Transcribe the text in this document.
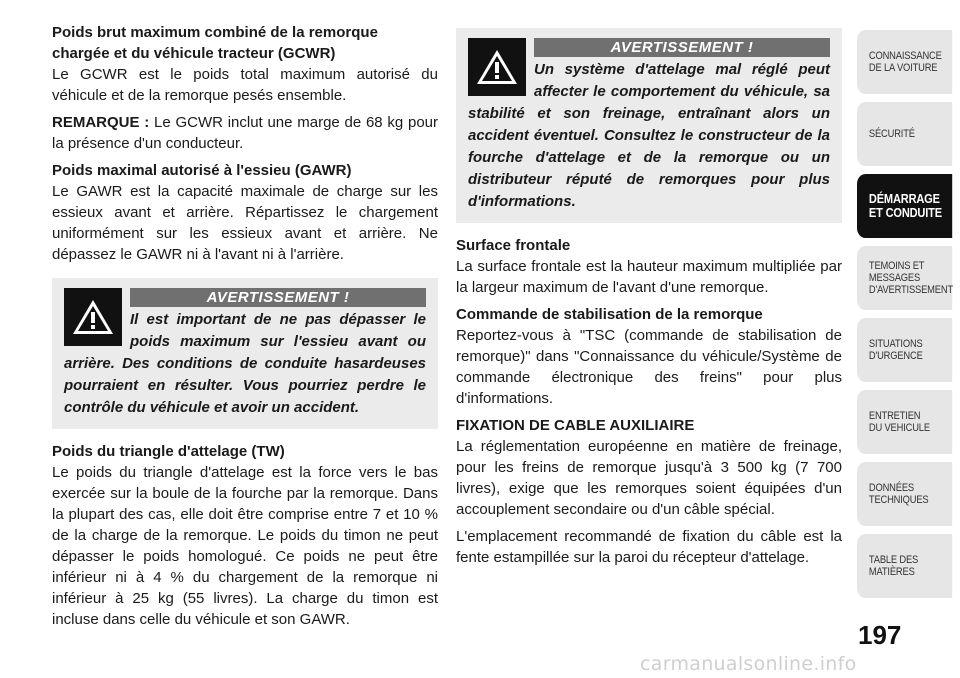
Poids brut maximum combiné de la remorque chargée et du véhicule tracteur (GCWR)
Le GCWR est le poids total maximum autorisé du véhicule et de la remorque pesés ensemble.

REMARQUE : Le GCWR inclut une marge de 68 kg pour la présence d'un conducteur.

Poids maximal autorisé à l'essieu (GAWR)
Le GAWR est la capacité maximale de charge sur les essieux avant et arrière. Répartissez le chargement uniformément sur les essieux avant et arrière. Ne dépassez le GAWR ni à l'avant ni à l'arrière.
AVERTISSEMENT !
Il est important de ne pas dépasser le poids maximum sur l'essieu avant ou arrière. Des conditions de conduite hasardeuses pourraient en résulter. Vous pourriez perdre le contrôle du véhicule et avoir un accident.
Poids du triangle d'attelage (TW)
Le poids du triangle d'attelage est la force vers le bas exercée sur la boule de la fourche par la remorque. Dans la plupart des cas, elle doit être comprise entre 7 et 10 % de la charge de la remorque. Le poids du timon ne peut dépasser le poids homologué. Ce poids ne peut être inférieur ni à 4 % du chargement de la remorque ni inférieur à 25 kg (55 livres). La charge du timon est incluse dans celle du véhicule et son GAWR.
AVERTISSEMENT !
Un système d'attelage mal réglé peut affecter le comportement du véhicule, sa stabilité et son freinage, entraînant alors un accident éventuel. Consultez le constructeur de la fourche d'attelage et de la remorque ou un distributeur réputé de remorques pour plus d'informations.
Surface frontale
La surface frontale est la hauteur maximum multipliée par la largeur maximum de l'avant d'une remorque.
Commande de stabilisation de la remorque
Reportez-vous à "TSC (commande de stabilisation de remorque)" dans "Connaissance du véhicule/Système de commande électronique des freins" pour plus d'informations.
FIXATION DE CABLE AUXILIAIRE
La réglementation européenne en matière de freinage, pour les freins de remorque jusqu'à 3 500 kg (7 700 livres), exige que les remorques soient équipées d'un accouplement secondaire ou d'un câble spécial.
L'emplacement recommandé de fixation du câble est la fente estampillée sur la paroi du récepteur d'attelage.
CONNAISSANCE
DE LA VOITURE
SÉCURITÉ
DÉMARRAGE
ET CONDUITE
TEMOINS ET
MESSAGES
D'AVERTISSEMENT
SITUATIONS
D'URGENCE
ENTRETIEN
DU VEHICULE
DONNÉES
TECHNIQUES
TABLE DES
MATIÈRES
197
carmanualsonline.info
